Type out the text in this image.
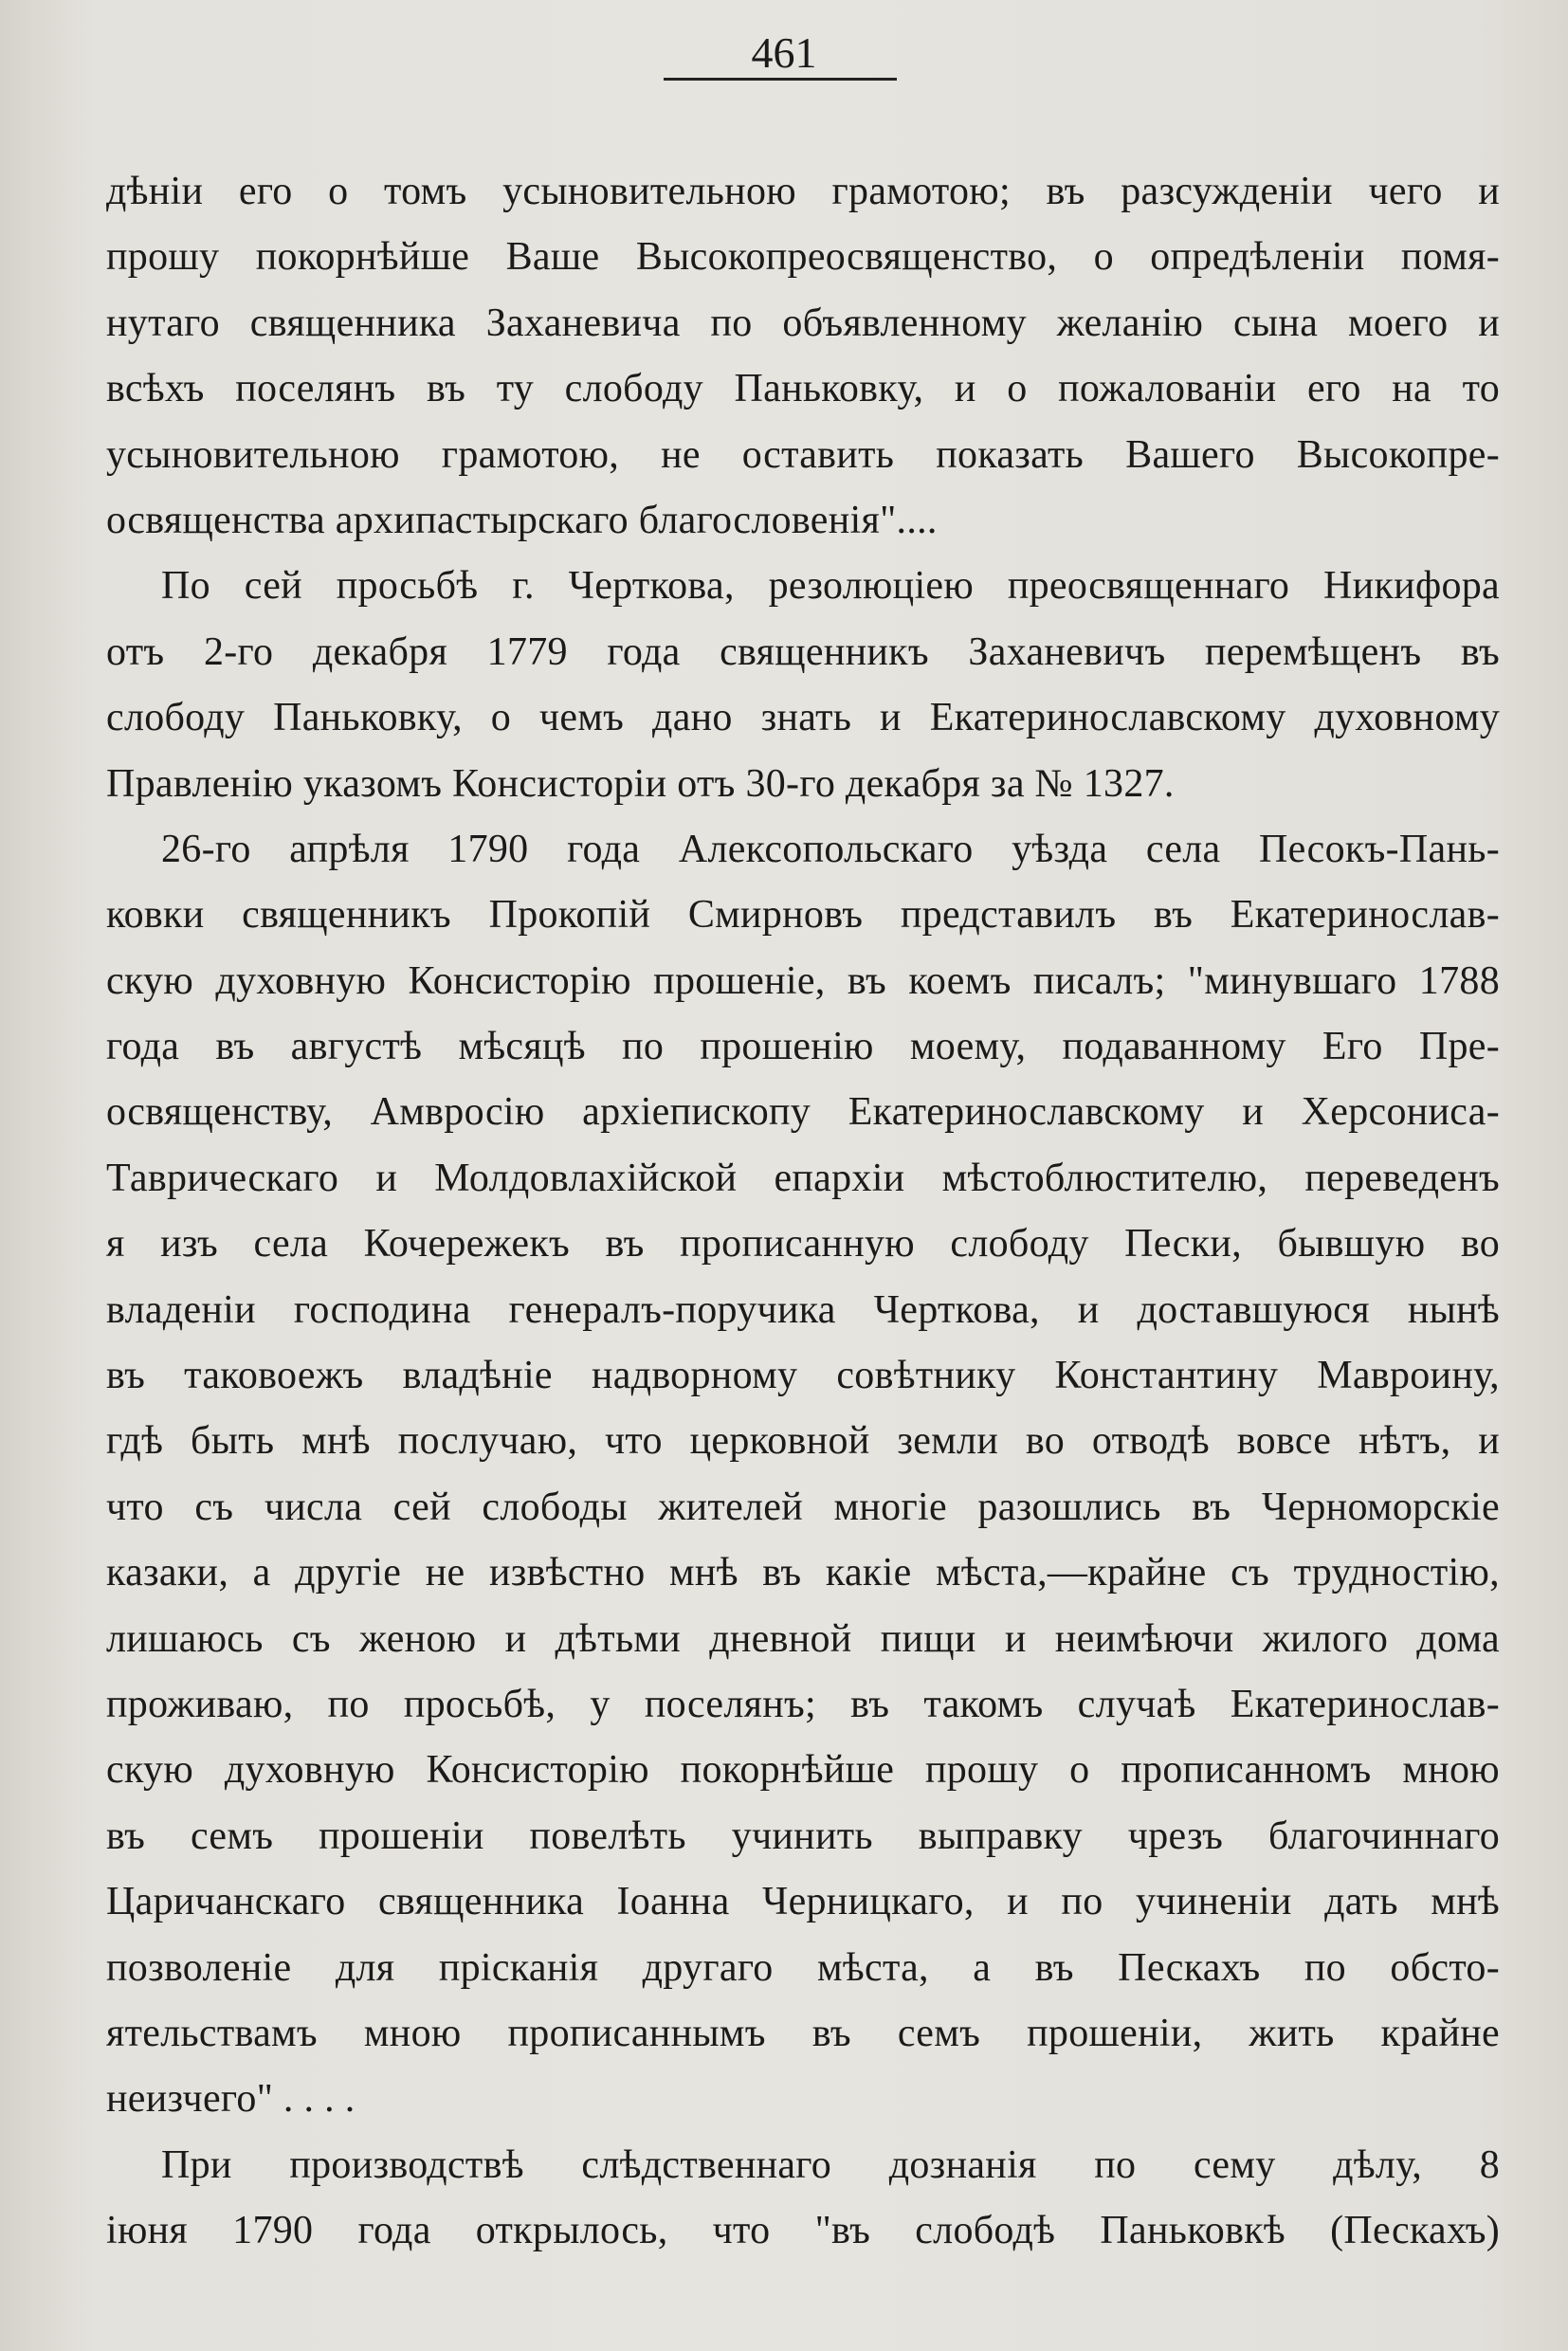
461
дѣніи его о томъ усыновительною грамотою; въ разсужденіи чего и
прошу покорнѣйше Ваше Высокопреосвященство, о опредѣленіи помя-
нутаго священника Заханевича по объявленному желанію сына моего и
всѣхъ поселянъ въ ту слободу Паньковку, и о пожалованіи его на то
усыновительною грамотою, не оставить показать Вашего Высокопре-
освященства архипастырскаго благословенія"....
По сей просьбѣ г. Черткова, резолюціею преосвященнаго Никифора
отъ 2-го декабря 1779 года священникъ Заханевичъ перемѣщенъ въ
слободу Паньковку, о чемъ дано знать и Екатеринославскому духовному
Правленію указомъ Консисторіи отъ 30-го декабря за № 1327.
26-го апрѣля 1790 года Алексопольскаго уѣзда села Песокъ-Пань-
ковки священникъ Прокопій Смирновъ представилъ въ Екатеринослав-
скую духовную Консисторію прошеніе, въ коемъ писалъ; "минувшаго 1788
года въ августѣ мѣсяцѣ по прошенію моему, подаванному Его Пре-
освященству, Амвросію архіепископу Екатеринославскому и Херсониса-
Таврическаго и Молдовлахійской епархіи мѣстоблюстителю, переведенъ
я изъ села Кочережекъ въ прописанную слободу Пески, бывшую во
владеніи господина генералъ-поручика Черткова, и доставшуюся нынѣ
въ таковоежъ владѣніе надворному совѣтнику Константину Мавроину,
гдѣ быть мнѣ послучаю, что церковной земли во отводѣ вовсе нѣтъ, и
что съ числа сей слободы жителей многіе разошлись въ Черноморскіе
казаки, а другіе не извѣстно мнѣ въ какіе мѣста,—крайне съ трудностію,
лишаюсь съ женою и дѣтьми дневной пищи и неимѣючи жилого дома
проживаю, по просьбѣ, у поселянъ; въ такомъ случаѣ Екатеринослав-
скую духовную Консисторію покорнѣйше прошу о прописанномъ мною
въ семъ прошеніи повелѣть учинить выправку чрезъ благочиннаго
Царичанскаго священника Іоанна Черницкаго, и по учиненіи дать мнѣ
позволеніе для прісканія другаго мѣста, а въ Пескахъ по обсто-
ятельствамъ мною прописаннымъ въ семъ прошеніи, жить крайне
неизчего" . . . .
При производствѣ слѣдственнаго дознанія по сему дѣлу, 8
іюня 1790 года открылось, что "въ слободѣ Паньковкѣ (Пескахъ)
